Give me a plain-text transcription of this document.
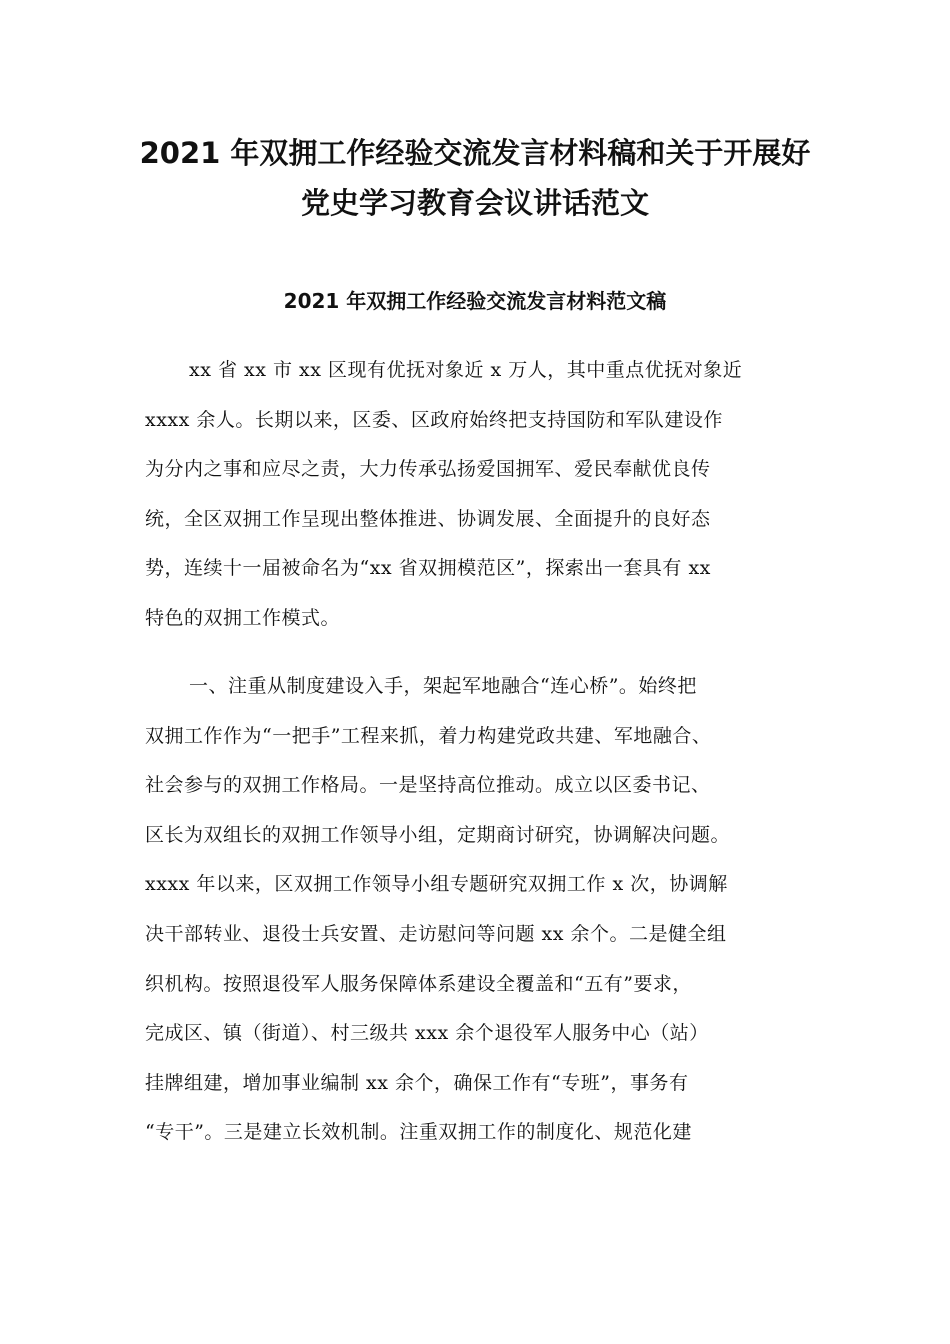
2021 年双拥工作经验交流发言材料稿和关于开展好
党史学习教育会议讲话范文
2021 年双拥工作经验交流发言材料范文稿
xx 省 xx 市 xx 区现有优抚对象近 x 万人，其中重点优抚对象近
xxxx 余人。长期以来，区委、区政府始终把支持国防和军队建设作
为分内之事和应尽之责，大力传承弘扬爱国拥军、爱民奉献优良传
统，全区双拥工作呈现出整体推进、协调发展、全面提升的良好态
势，连续十一届被命名为“xx 省双拥模范区”，探索出一套具有 xx
特色的双拥工作模式。
一、注重从制度建设入手，架起军地融合“连心桥”。始终把
双拥工作作为“一把手”工程来抓，着力构建党政共建、军地融合、
社会参与的双拥工作格局。一是坚持高位推动。成立以区委书记、
区长为双组长的双拥工作领导小组，定期商讨研究，协调解决问题。
xxxx 年以来，区双拥工作领导小组专题研究双拥工作 x 次，协调解
决干部转业、退役士兵安置、走访慰问等问题 xx 余个。二是健全组
织机构。按照退役军人服务保障体系建设全覆盖和“五有”要求，
完成区、镇（街道）、村三级共 xxx 余个退役军人服务中心（站）
挂牌组建，增加事业编制 xx 余个，确保工作有“专班”，事务有
“专干”。三是建立长效机制。注重双拥工作的制度化、规范化建
